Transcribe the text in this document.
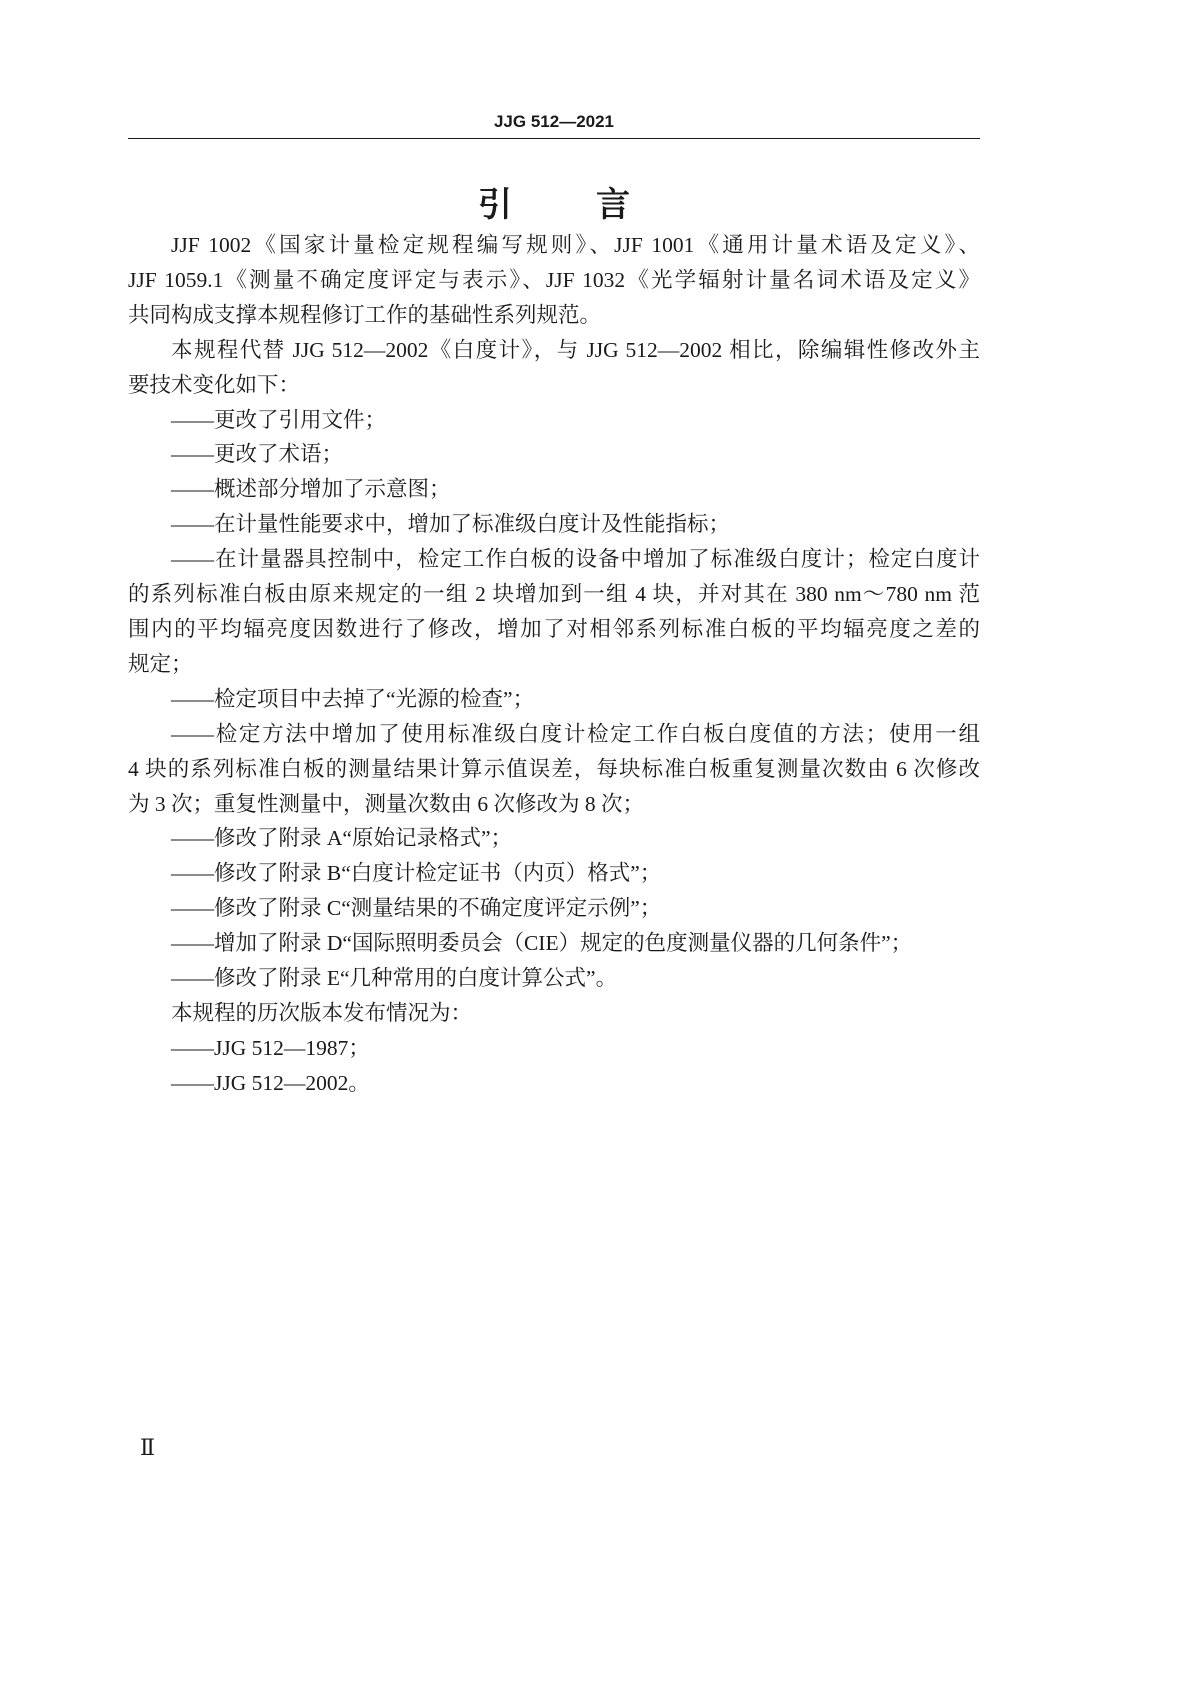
JJG 512—2021
引言
JJF 1002《国家计量检定规程编写规则》、JJF 1001《通用计量术语及定义》、
JJF 1059.1《测量不确定度评定与表示》、JJF 1032《光学辐射计量名词术语及定义》
共同构成支撑本规程修订工作的基础性系列规范。
本规程代替 JJG 512—2002《白度计》，与 JJG 512—2002 相比，除编辑性修改外主
要技术变化如下：
——更改了引用文件；
——更改了术语；
——概述部分增加了示意图；
——在计量性能要求中，增加了标准级白度计及性能指标；
——在计量器具控制中，检定工作白板的设备中增加了标准级白度计；检定白度计
的系列标准白板由原来规定的一组 2 块增加到一组 4 块，并对其在 380 nm～780 nm 范
围内的平均辐亮度因数进行了修改，增加了对相邻系列标准白板的平均辐亮度之差的
规定；
——检定项目中去掉了“光源的检查”；
——检定方法中增加了使用标准级白度计检定工作白板白度值的方法；使用一组
4 块的系列标准白板的测量结果计算示值误差，每块标准白板重复测量次数由 6 次修改
为 3 次；重复性测量中，测量次数由 6 次修改为 8 次；
——修改了附录 A“原始记录格式”；
——修改了附录 B“白度计检定证书（内页）格式”；
——修改了附录 C“测量结果的不确定度评定示例”；
——增加了附录 D“国际照明委员会（CIE）规定的色度测量仪器的几何条件”；
——修改了附录 E“几种常用的白度计算公式”。
本规程的历次版本发布情况为：
——JJG 512—1987；
——JJG 512—2002。
Ⅱ
